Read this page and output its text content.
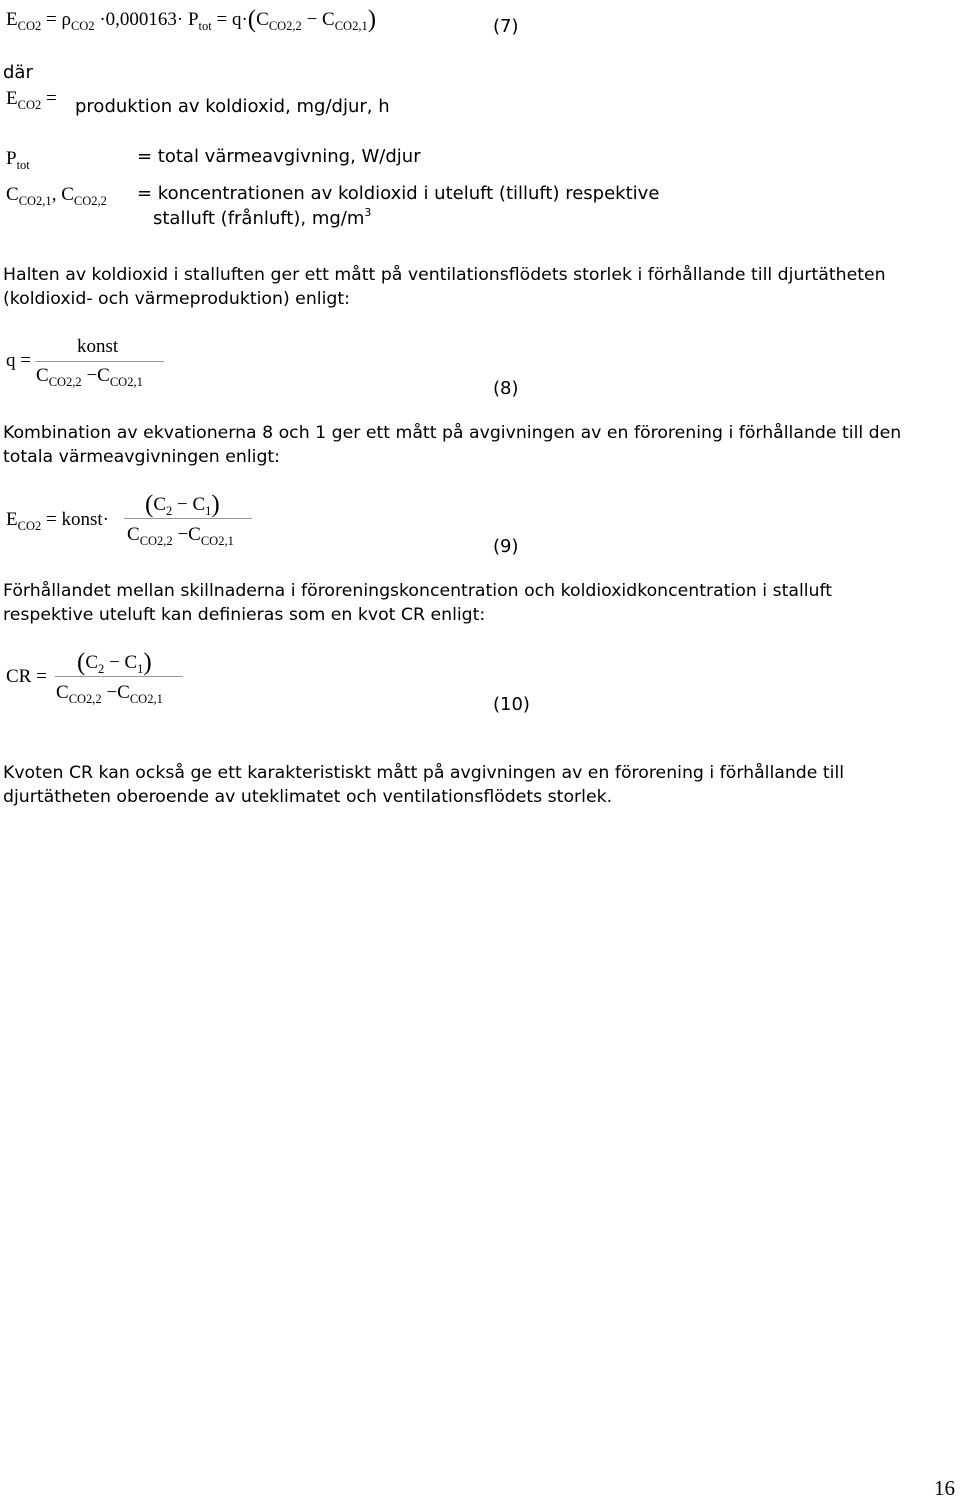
$E_{CO2} = \rho_{CO2} \cdot 0,000163\cdot P_{tot} = q\cdot(C_{CO2,2} - C_{CO2,1})$	(7)
där
$E_{CO2}$ = produktion av koldioxid, mg/djur, h
$P_{tot}$	= total värmeavgivning, W/djur
$C_{CO2,1}$, $C_{CO2,2}$ = koncentrationen av koldioxid i uteluft (tilluft) respektive
stalluft (frånluft), $mg/m^3$
Halten av koldioxid i stalluften ger ett mått på ventilationsflödets storlek i förhållande till djurtätheten
(koldioxid- och värmeproduktion) enligt:
q =
konst
$C_{CO2,2} -C_{CO2,1}$	(8)
Kombination av ekvationerna 8 och 1 ger ett mått på avgivningen av en förorening i förhållande till den
totala värmeavgivningen enligt:
$E_{CO2}$ = konst·
$(C_2 - C_1)$
$C_{CO2,2} -C_{CO2,1}$	(9)
Förhållandet mellan skillnaderna i föroreningskoncentration och koldioxidkoncentration i stalluft
respektive uteluft kan definieras som en kvot CR enligt:
CR =
$(C_2 - C_1)$
$C_{CO2,2} -C_{CO2,1}$	(10)
Kvoten CR kan också ge ett karakteristiskt mått på avgivningen av en förorening i förhållande till
djurtätheten oberoende av uteklimatet och ventilationsflödets storlek.
16
